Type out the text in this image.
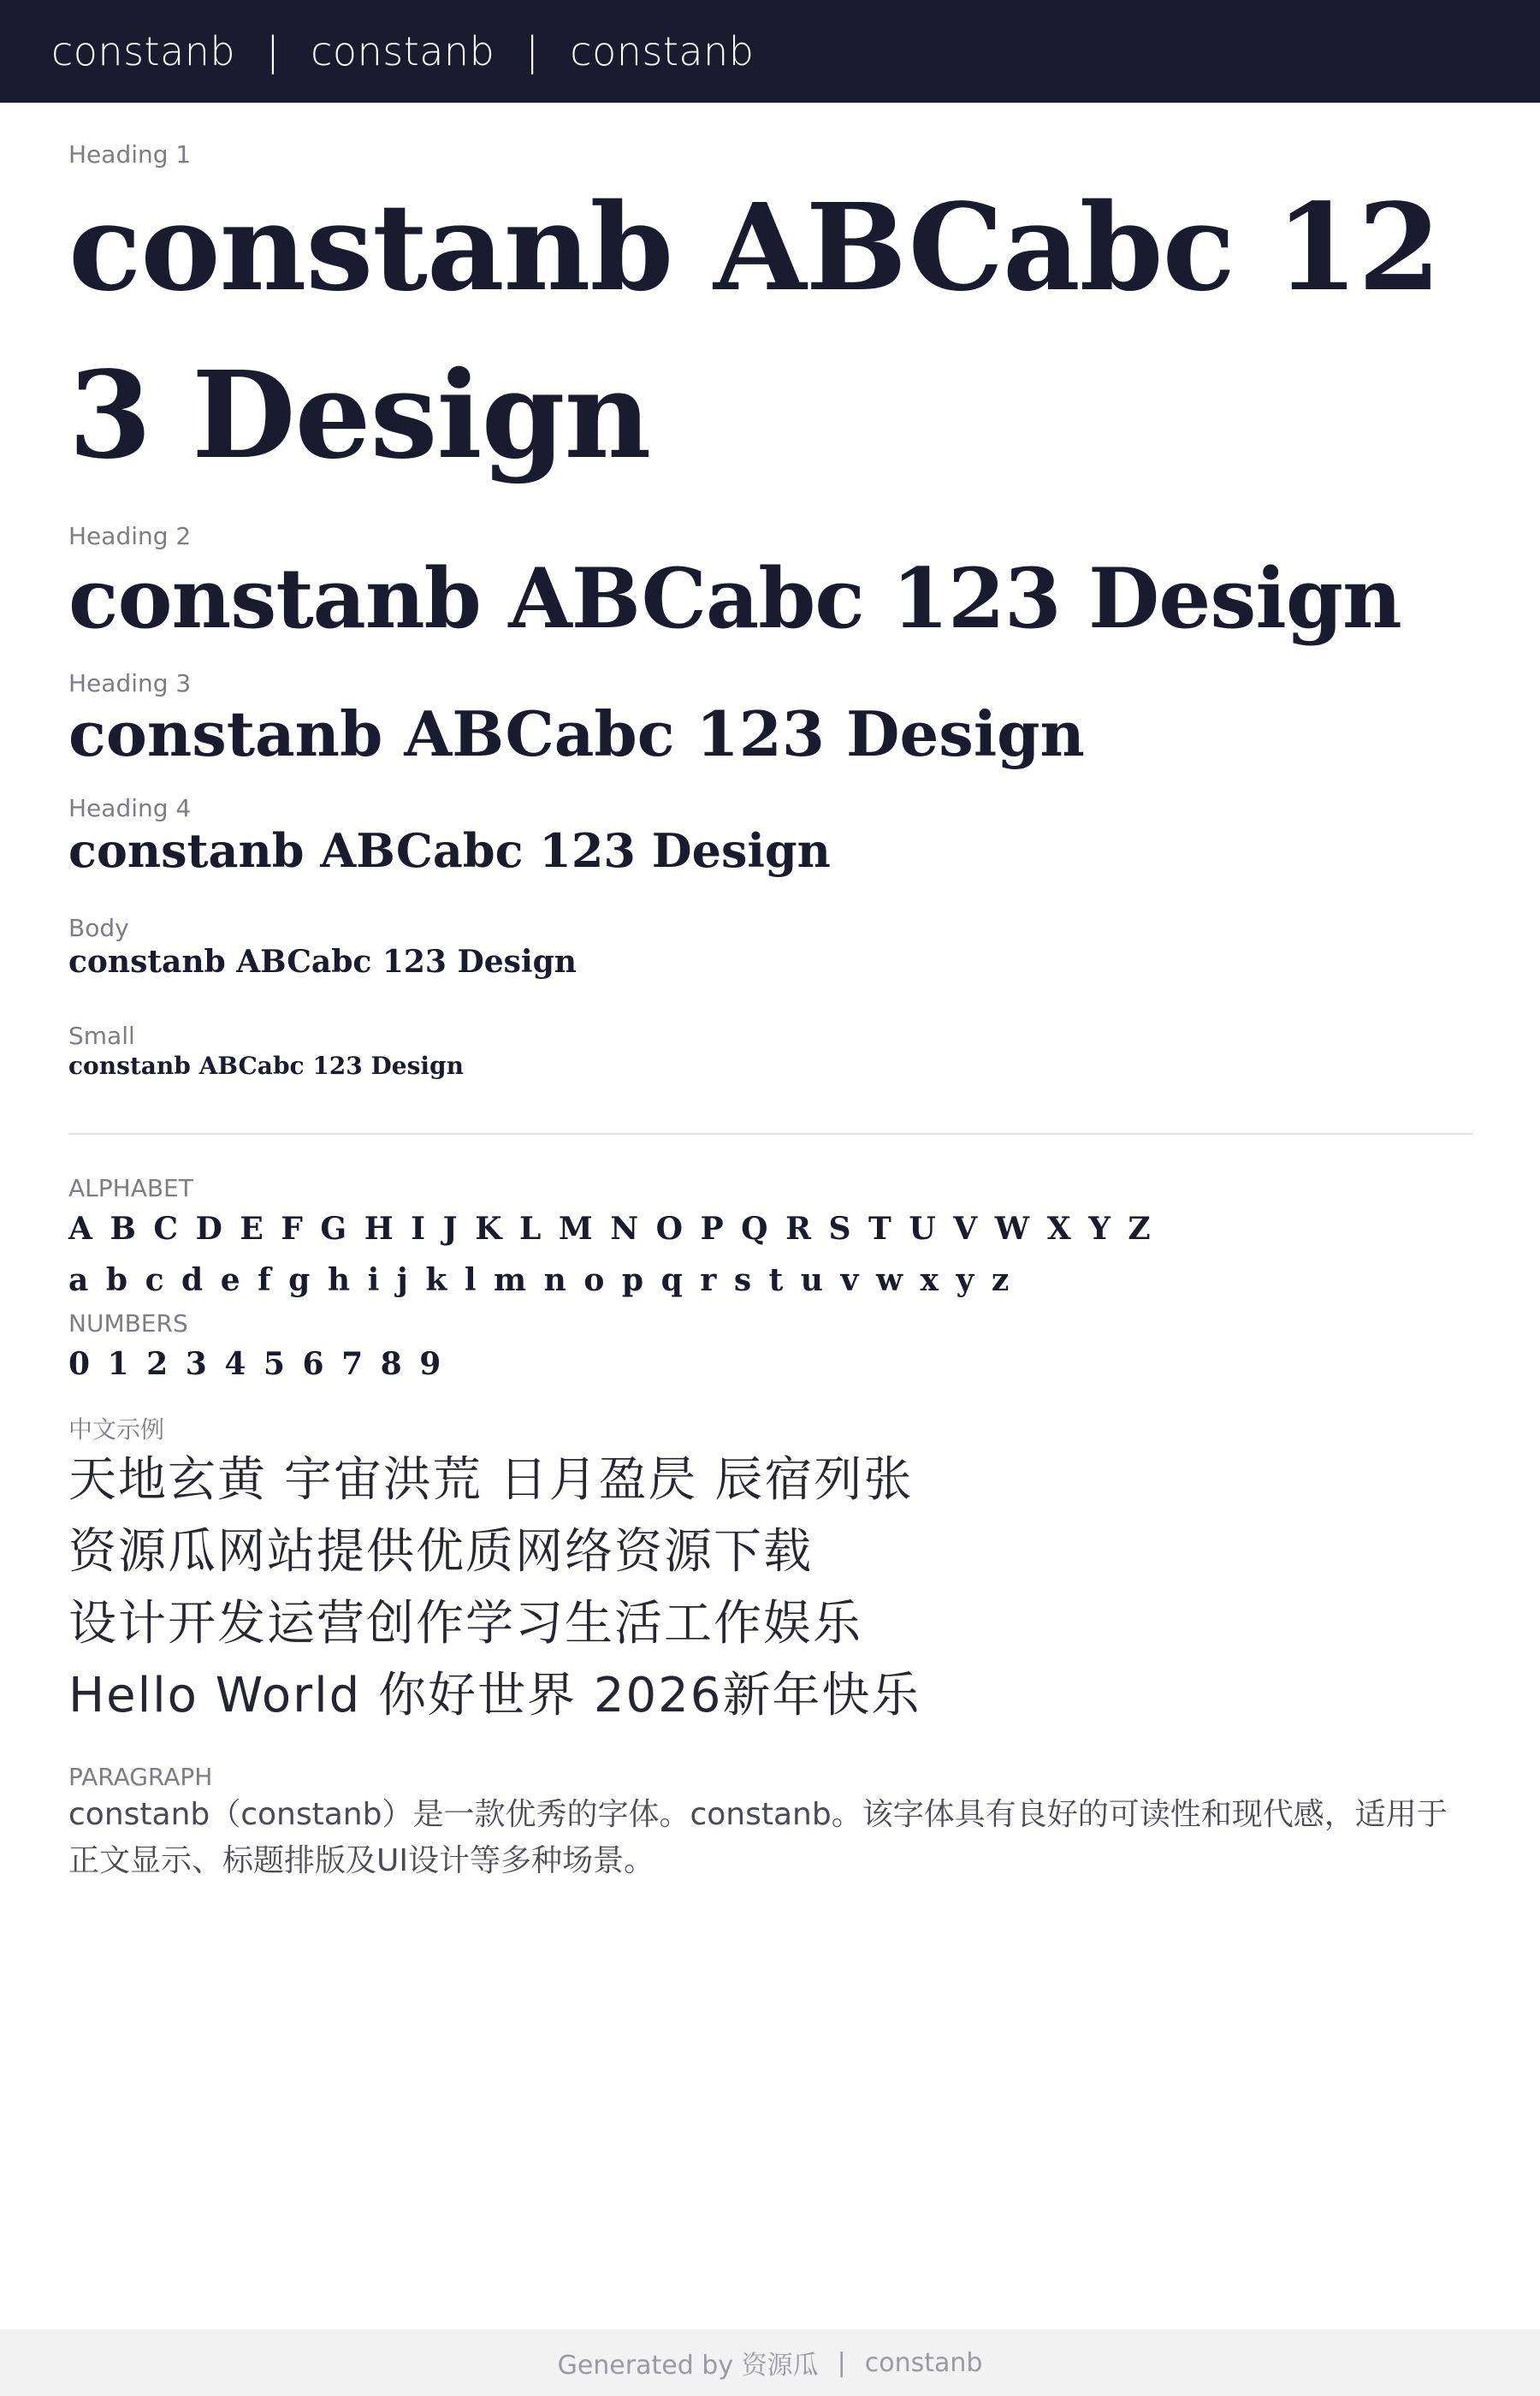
constanb | constanb | constanb
Heading 1
constanb ABCabc 123 Design
Heading 2
constanb ABCabc 123 Design
Heading 3
constanb ABCabc 123 Design
Heading 4
constanb ABCabc 123 Design
Body
constanb ABCabc 123 Design
Small
constanb ABCabc 123 Design
ALPHABET
A B C D E F G H I J K L M N O P Q R S T U V W X Y Z
a b c d e f g h i j k l m n o p q r s t u v w x y z
NUMBERS
0 1 2 3 4 5 6 7 8 9
中文示例
天地玄黄 宇宙洪荒 日月盈昃 辰宿列张
资源瓜网站提供优质网络资源下载
设计开发运营创作学习生活工作娱乐
Hello World 你好世界 2026新年快乐
PARAGRAPH
constanb（constanb）是一款优秀的字体。constanb。该字体具有良好的可读性和现代感，适用于正文显示、标题排版及UI设计等多种场景。
Generated by 资源瓜 | constanb
